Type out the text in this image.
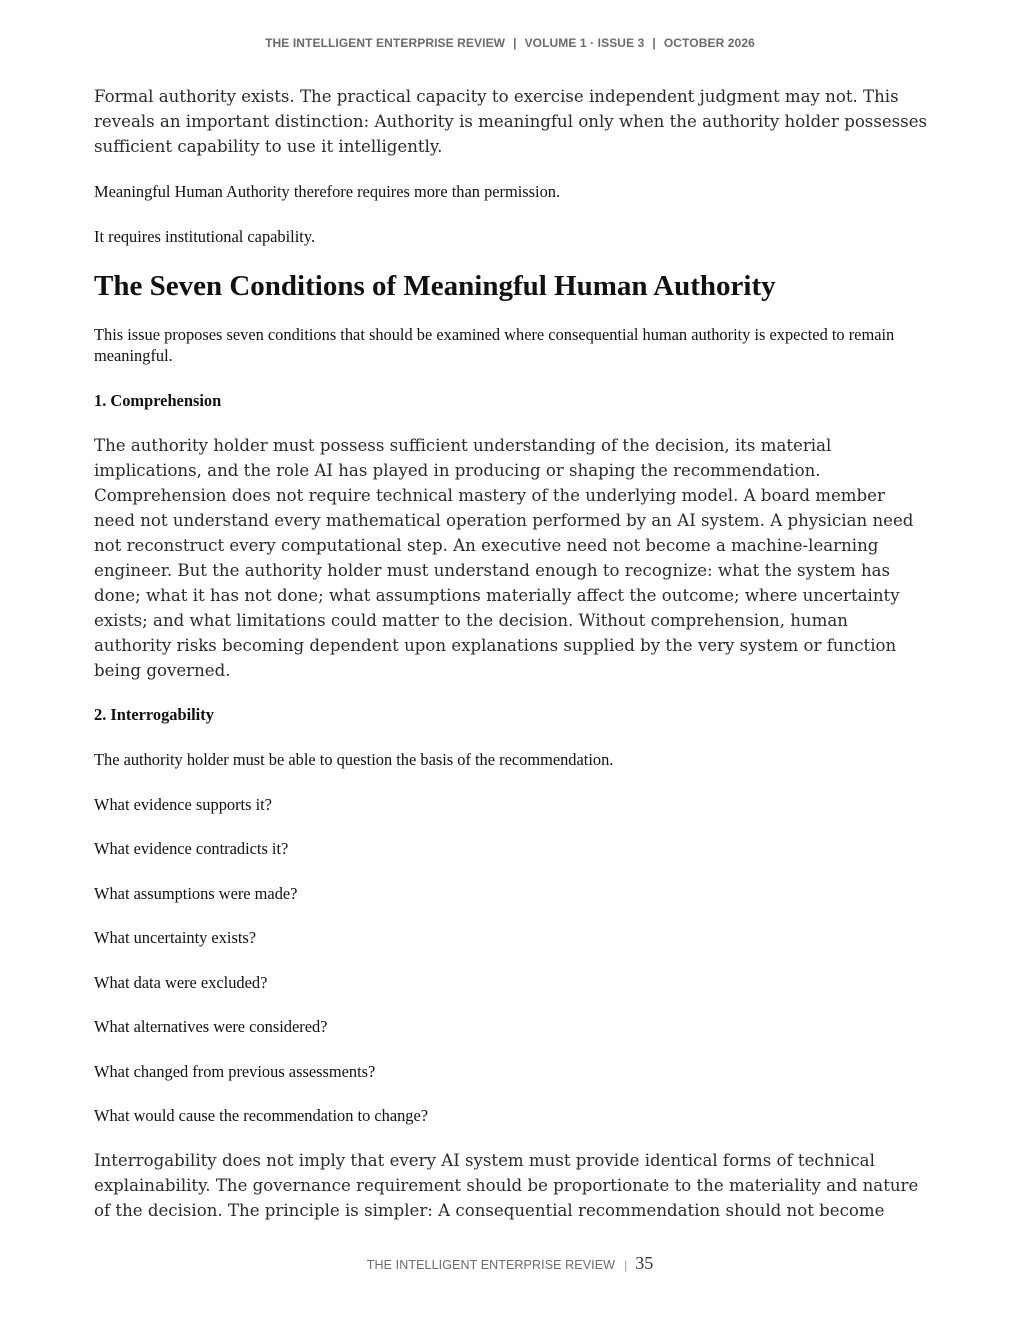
THE INTELLIGENT ENTERPRISE REVIEW | VOLUME 1 · ISSUE 3 | OCTOBER 2026

Formal authority exists. The practical capacity to exercise independent judgment may not. This reveals an important distinction: Authority is meaningful only when the authority holder possesses sufficient capability to use it intelligently.

Meaningful Human Authority therefore requires more than permission.

It requires institutional capability.

The Seven Conditions of Meaningful Human Authority

This issue proposes seven conditions that should be examined where consequential human authority is expected to remain meaningful.

1. Comprehension

The authority holder must possess sufficient understanding of the decision, its material implications, and the role AI has played in producing or shaping the recommendation. Comprehension does not require technical mastery of the underlying model. A board member need not understand every mathematical operation performed by an AI system. A physician need not reconstruct every computational step. An executive need not become a machine-learning engineer. But the authority holder must understand enough to recognize: what the system has done; what it has not done; what assumptions materially affect the outcome; where uncertainty exists; and what limitations could matter to the decision. Without comprehension, human authority risks becoming dependent upon explanations supplied by the very system or function being governed.

2. Interrogability

The authority holder must be able to question the basis of the recommendation.

What evidence supports it?

What evidence contradicts it?

What assumptions were made?

What uncertainty exists?

What data were excluded?

What alternatives were considered?

What changed from previous assessments?

What would cause the recommendation to change?

Interrogability does not imply that every AI system must provide identical forms of technical explainability. The governance requirement should be proportionate to the materiality and nature of the decision. The principle is simpler: A consequential recommendation should not become

THE INTELLIGENT ENTERPRISE REVIEW | 35
